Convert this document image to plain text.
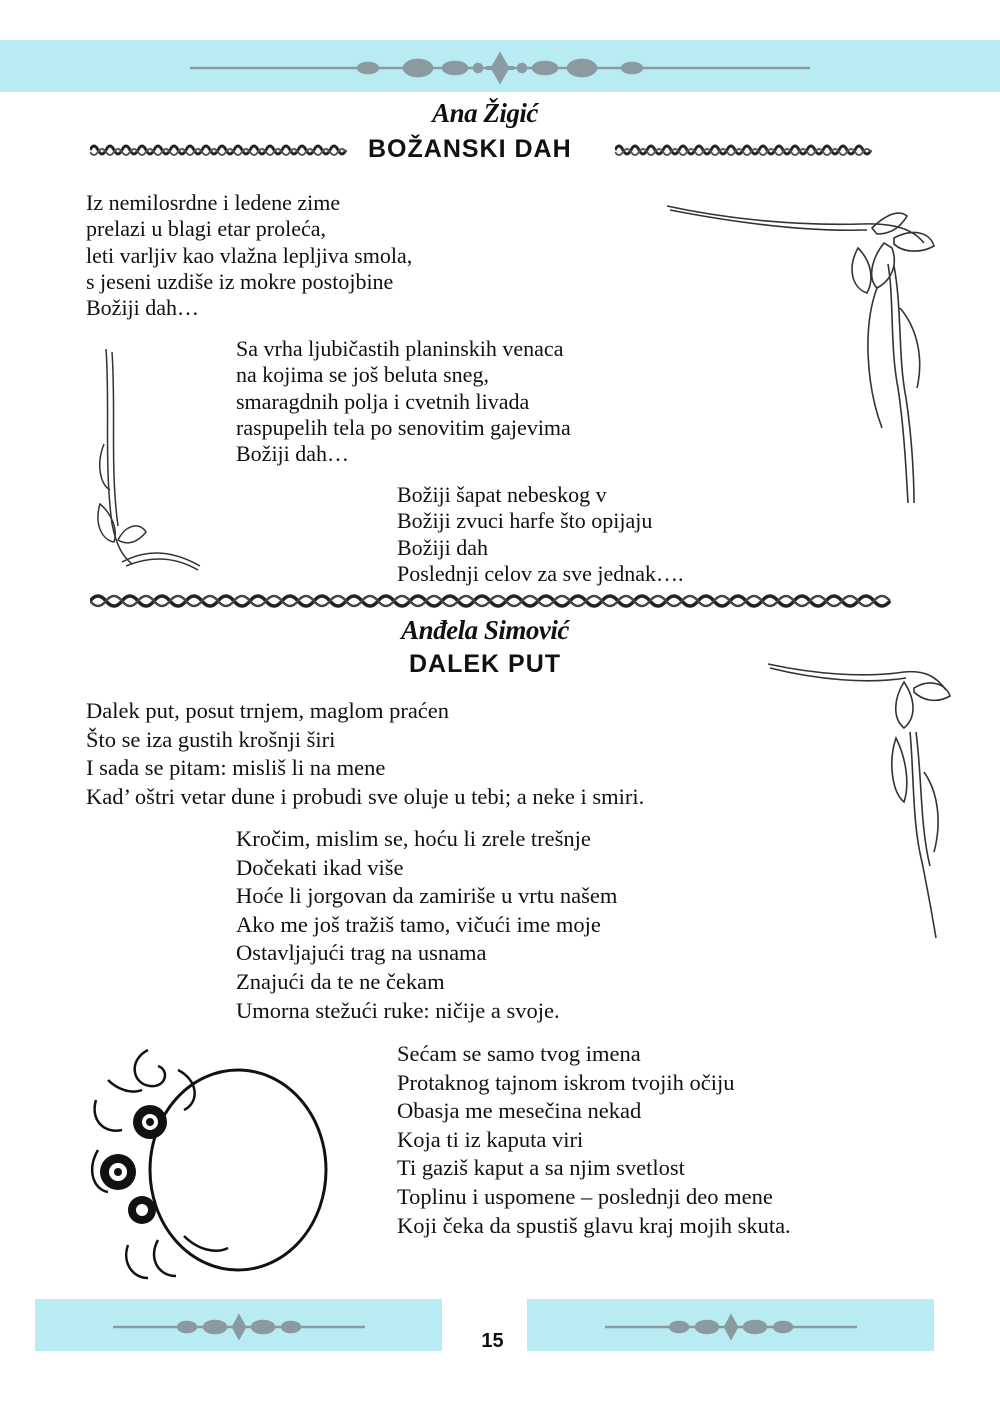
Ana Žigić
BOŽANSKI DAH
Iz nemilosrdne i ledene zime
prelazi u blagi etar proleća,
leti varljiv kao vlažna lepljiva smola,
s jeseni uzdiše iz mokre postojbine
Božiji dah…
Sa vrha ljubičastih planinskih venaca
na kojima se još beluta sneg,
smaragdnih polja i cvetnih livada
raspupelih tela po senovitim gajevima
Božiji dah…
Božiji šapat nebeskog v
Božiji zvuci harfe što opijaju
Božiji dah
Poslednji celov za sve jednak….
Anđela Simović
DALEK PUT
Dalek put, posut trnjem, maglom praćen
Što se iza gustih krošnji širi
I sada se pitam: misliš li na mene
Kad’ oštri vetar dune i probudi sve oluje u tebi; a neke i smiri.
Kročim, mislim se, hoću li zrele trešnje
Dočekati ikad više
Hoće li jorgovan da zamiriše u vrtu našem
Ako me još tražiš tamo, vičući ime moje
Ostavljajući trag na usnama
Znajući da te ne čekam
Umorna stežući ruke: ničije a svoje.
Sećam se samo tvog imena
Protaknog tajnom iskrom tvojih očiju
Obasja me mesečina nekad
Koja ti iz kaputa viri
Ti gaziš kaput a sa njim svetlost
Toplinu i uspomene – poslednji deo mene
Koji čeka da spustiš glavu kraj mojih skuta.
15
